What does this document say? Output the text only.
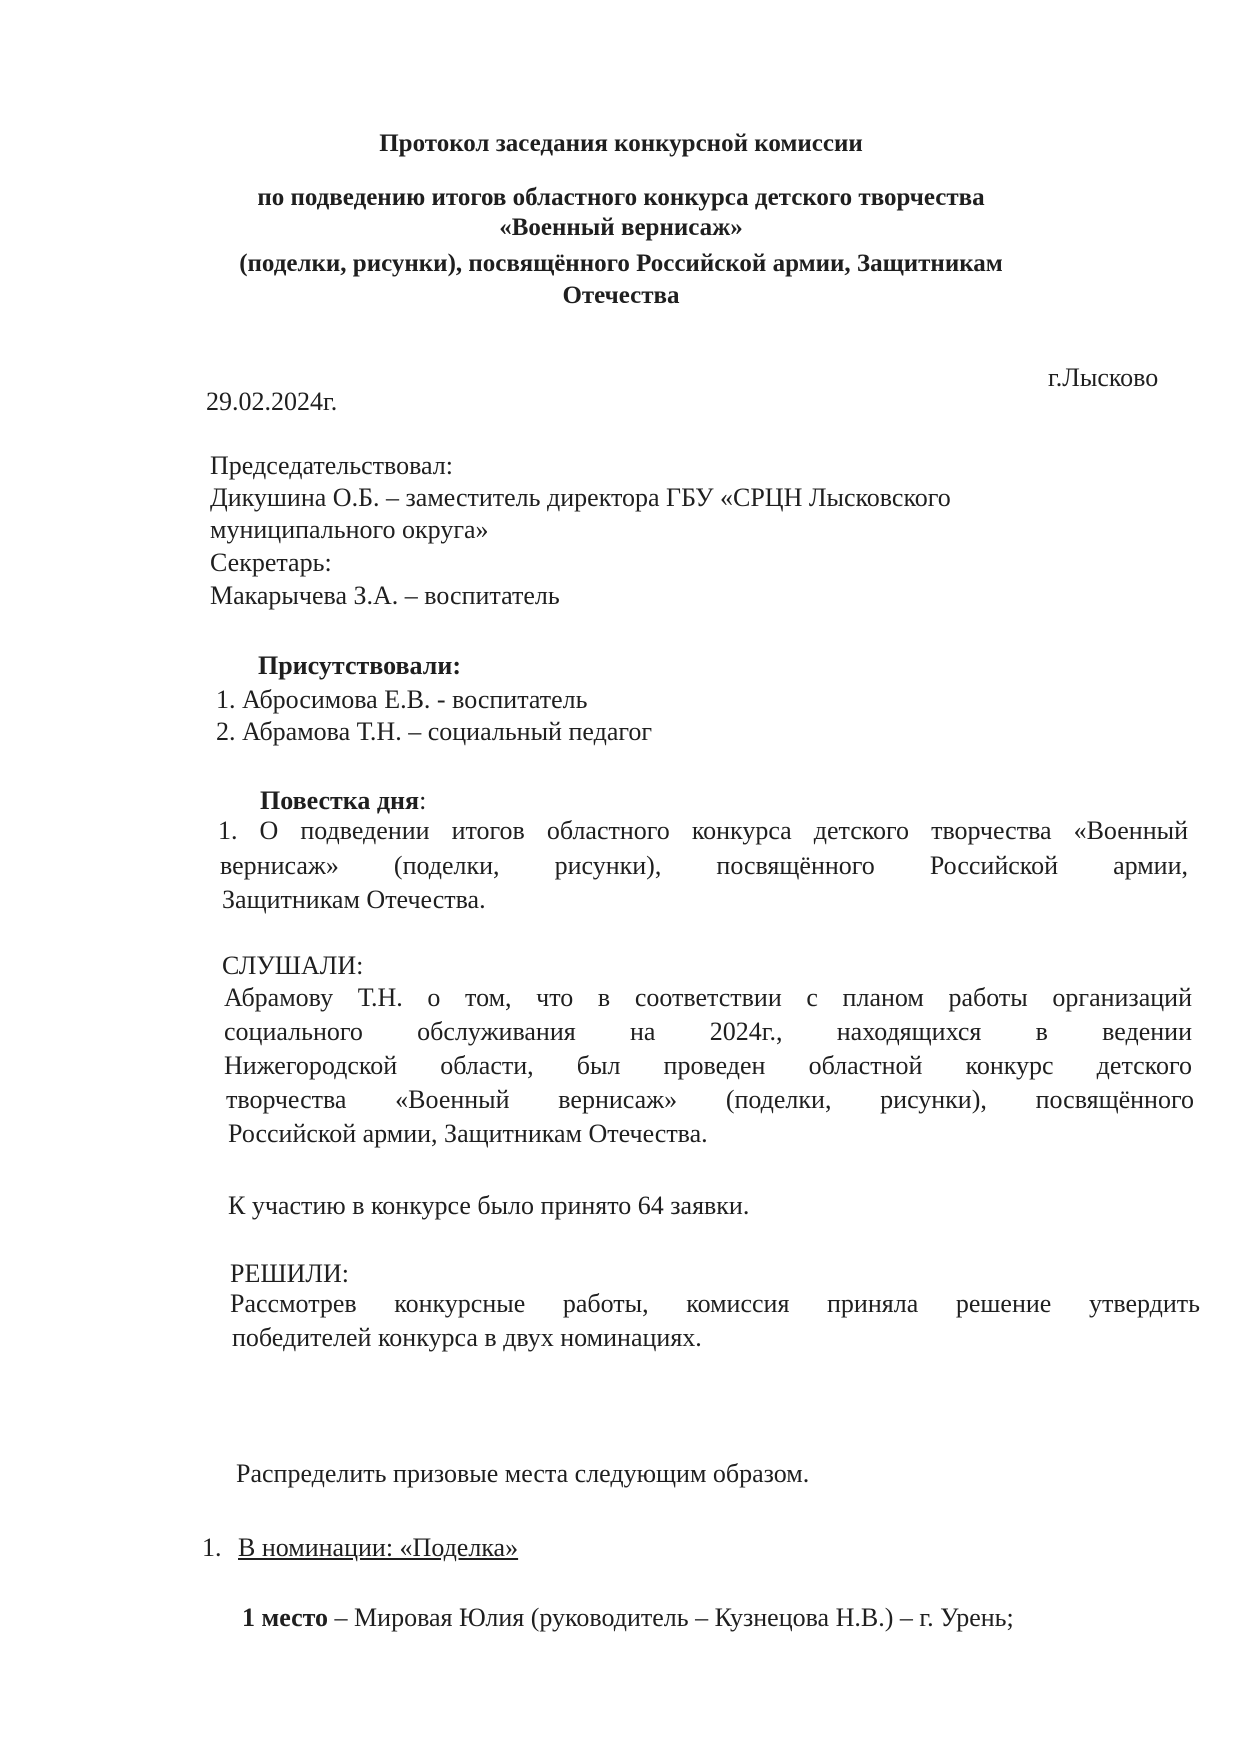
Протокол заседания конкурсной комиссии
по подведению итогов областного конкурса детского творчества
«Военный вернисаж»
(поделки, рисунки), посвящённого Российской армии, Защитникам
Отечества
г.Лысково
29.02.2024г.
Председательствовал:
Дикушина О.Б. – заместитель директора ГБУ «СРЦН Лысковского
муниципального округа»
Секретарь:
Макарычева З.А. – воспитатель
Присутствовали:
1. Абросимова Е.В. - воспитатель
2. Абрамова Т.Н. – социальный педагог
Повестка дня:
1. О подведении итогов областного конкурса детского творчества «Военный
вернисаж» (поделки, рисунки), посвящённого Российской армии,
Защитникам Отечества.
СЛУШАЛИ:
Абрамову Т.Н. о том, что в соответствии с планом работы организаций
социального обслуживания на 2024г., находящихся в ведении
Нижегородской области, был проведен областной конкурс детского
творчества «Военный вернисаж» (поделки, рисунки), посвящённого
Российской армии, Защитникам Отечества.
К участию в конкурсе было принято 64 заявки.
РЕШИЛИ:
Рассмотрев конкурсные работы, комиссия приняла решение утвердить
победителей конкурса в двух номинациях.
Распределить призовые места следующим образом.
1. В номинации: «Поделка»
1 место – Мировая Юлия (руководитель – Кузнецова Н.В.) – г. Урень;
